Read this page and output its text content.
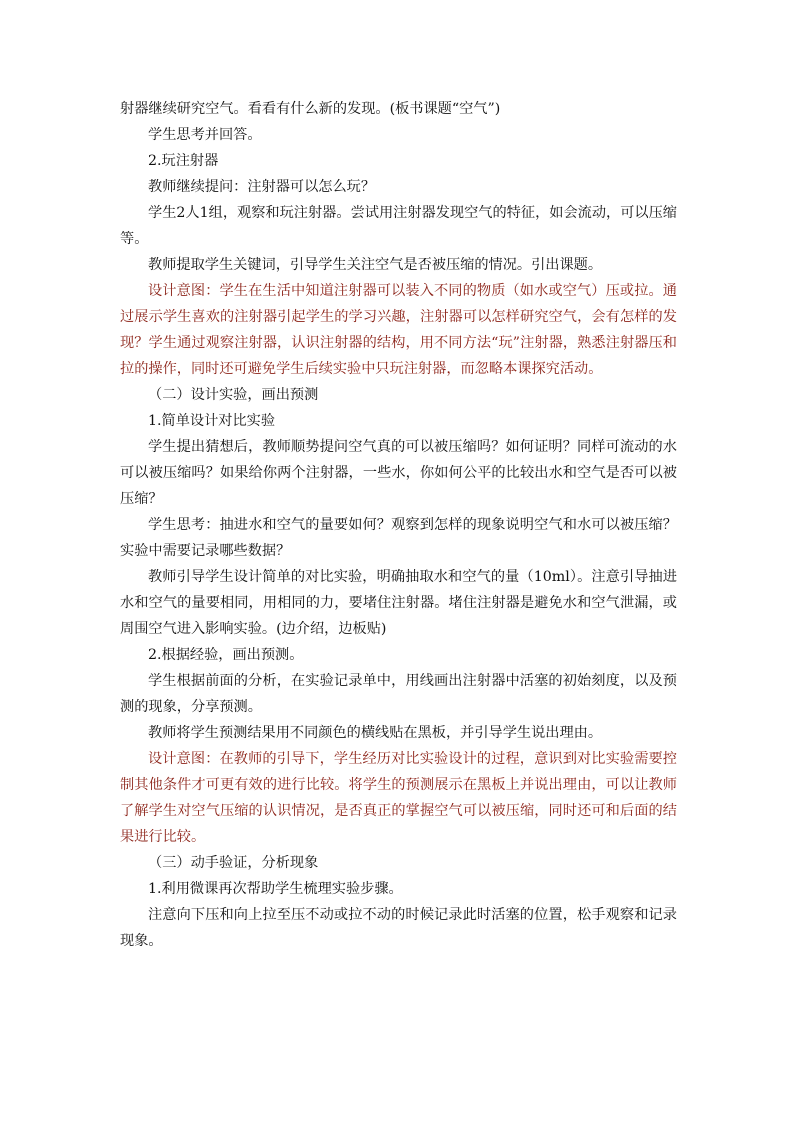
射器继续研究空气。看看有什么新的发现。(板书课题“空气”)

学生思考并回答。

2.玩注射器

教师继续提问：注射器可以怎么玩？

学生2人1组，观察和玩注射器。尝试用注射器发现空气的特征，如会流动，可以压缩等。

教师提取学生关键词，引导学生关注空气是否被压缩的情况。引出课题。

设计意图：学生在生活中知道注射器可以装入不同的物质（如水或空气）压或拉。通过展示学生喜欢的注射器引起学生的学习兴趣，注射器可以怎样研究空气，会有怎样的发现？学生通过观察注射器，认识注射器的结构，用不同方法“玩”注射器，熟悉注射器压和拉的操作，同时还可避免学生后续实验中只玩注射器，而忽略本课探究活动。

（二）设计实验，画出预测

1.简单设计对比实验

学生提出猜想后，教师顺势提问空气真的可以被压缩吗？如何证明？同样可流动的水可以被压缩吗？如果给你两个注射器，一些水，你如何公平的比较出水和空气是否可以被压缩？

学生思考：抽进水和空气的量要如何？观察到怎样的现象说明空气和水可以被压缩？实验中需要记录哪些数据？

教师引导学生设计简单的对比实验，明确抽取水和空气的量（10ml）。注意引导抽进水和空气的量要相同，用相同的力，要堵住注射器。堵住注射器是避免水和空气泄漏，或周围空气进入影响实验。(边介绍，边板贴)

2.根据经验，画出预测。

学生根据前面的分析，在实验记录单中，用线画出注射器中活塞的初始刻度，以及预测的现象，分享预测。

教师将学生预测结果用不同颜色的横线贴在黑板，并引导学生说出理由。

设计意图：在教师的引导下，学生经历对比实验设计的过程，意识到对比实验需要控制其他条件才可更有效的进行比较。将学生的预测展示在黑板上并说出理由，可以让教师了解学生对空气压缩的认识情况，是否真正的掌握空气可以被压缩，同时还可和后面的结果进行比较。

（三）动手验证，分析现象

1.利用微课再次帮助学生梳理实验步骤。

注意向下压和向上拉至压不动或拉不动的时候记录此时活塞的位置，松手观察和记录现象。
